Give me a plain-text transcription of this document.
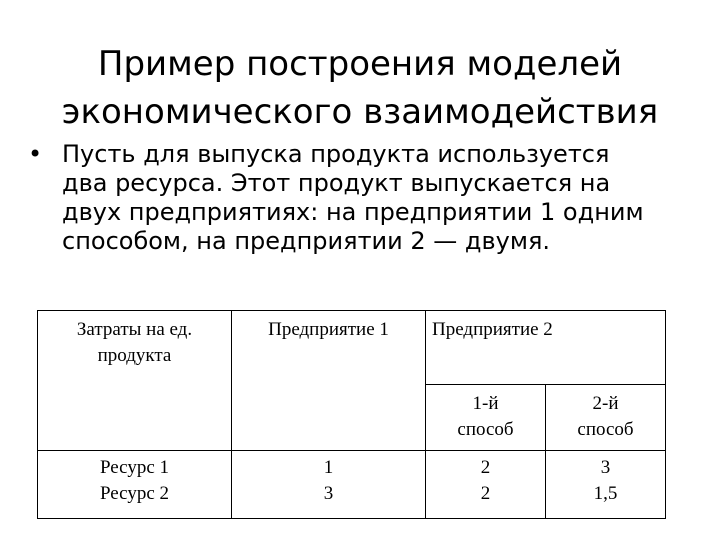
Пример построения моделей
экономического взаимодействия
• Пусть для выпуска продукта используется
два ресурса. Этот продукт выпускается на
двух предприятиях: на предприятии 1 одним
способом, на предприятии 2 — двумя.
Затраты на ед.
продукта
Предприятие 1	Предприятие 2
1-й
способ
2-й
способ
Ресурс 1
Ресурс 2
1
3
2
2
3
1,5
